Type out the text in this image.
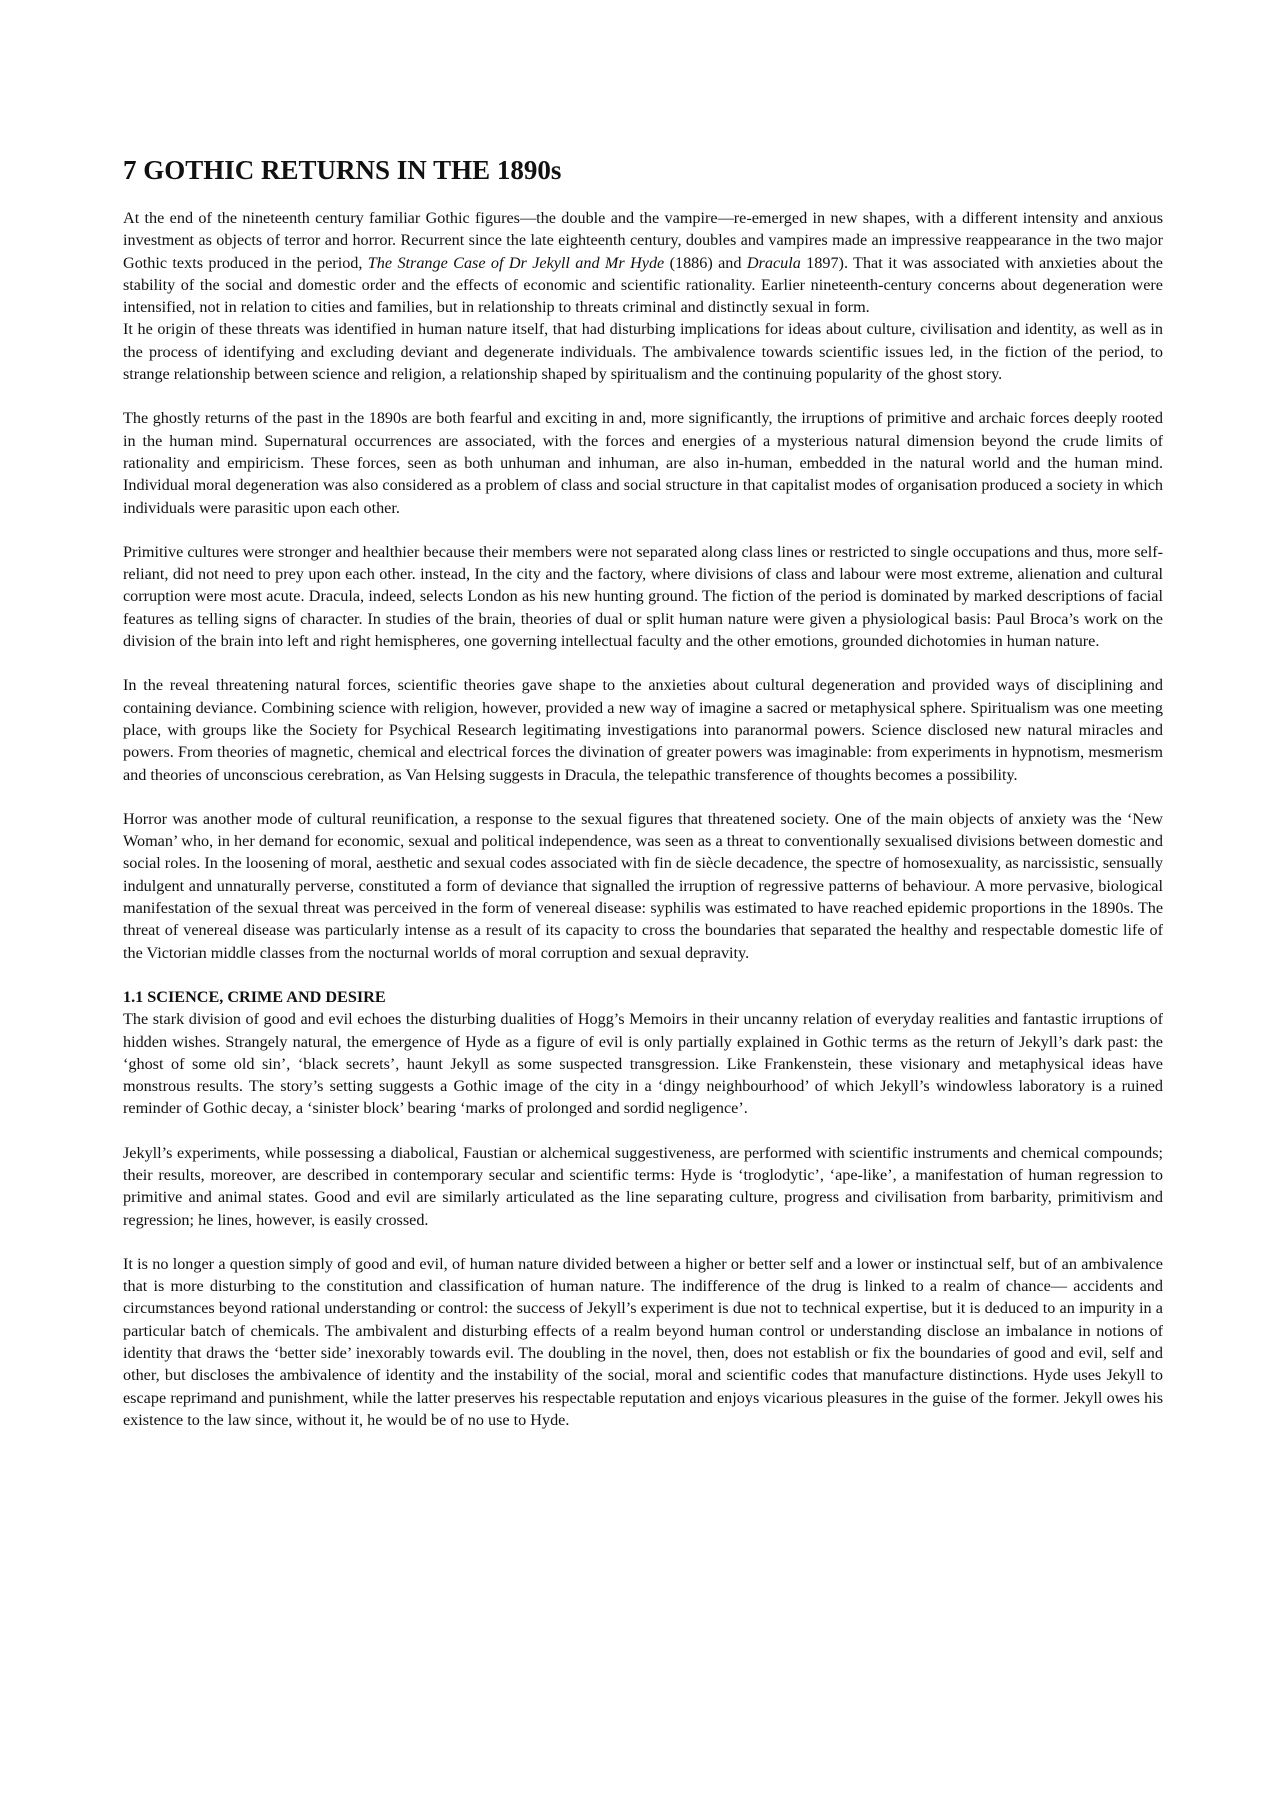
7 GOTHIC RETURNS IN THE 1890s

At the end of the nineteenth century familiar Gothic figures—the double and the vampire—re-emerged in new shapes, with a different intensity and anxious investment as objects of terror and horror. Recurrent since the late eighteenth century, doubles and vampires made an impressive reappearance in the two major Gothic texts produced in the period, The Strange Case of Dr Jekyll and Mr Hyde (1886) and Dracula 1897). That it was associated with anxieties about the stability of the social and domestic order and the effects of economic and scientific rationality. Earlier nineteenth-century concerns about degeneration were intensified, not in relation to cities and families, but in relationship to threats criminal and distinctly sexual in form.

It he origin of these threats was identified in human nature itself, that had disturbing implications for ideas about culture, civilisation and identity, as well as in the process of identifying and excluding deviant and degenerate individuals. The ambivalence towards scientific issues led, in the fiction of the period, to strange relationship between science and religion, a relationship shaped by spiritualism and the continuing popularity of the ghost story.

The ghostly returns of the past in the 1890s are both fearful and exciting in and, more significantly, the irruptions of primitive and archaic forces deeply rooted in the human mind. Supernatural occurrences are associated, with the forces and energies of a mysterious natural dimension beyond the crude limits of rationality and empiricism. These forces, seen as both unhuman and inhuman, are also in-human, embedded in the natural world and the human mind. Individual moral degeneration was also considered as a problem of class and social structure in that capitalist modes of organisation produced a society in which individuals were parasitic upon each other.

Primitive cultures were stronger and healthier because their members were not separated along class lines or restricted to single occupations and thus, more self-reliant, did not need to prey upon each other. instead, In the city and the factory, where divisions of class and labour were most extreme, alienation and cultural corruption were most acute. Dracula, indeed, selects London as his new hunting ground. The fiction of the period is dominated by marked descriptions of facial features as telling signs of character. In studies of the brain, theories of dual or split human nature were given a physiological basis: Paul Broca’s work on the division of the brain into left and right hemispheres, one governing intellectual faculty and the other emotions, grounded dichotomies in human nature.

In the reveal threatening natural forces, scientific theories gave shape to the anxieties about cultural degeneration and provided ways of disciplining and containing deviance. Combining science with religion, however, provided a new way of imagine a sacred or metaphysical sphere. Spiritualism was one meeting place, with groups like the Society for Psychical Research legitimating investigations into paranormal powers. Science disclosed new natural miracles and powers. From theories of magnetic, chemical and electrical forces the divination of greater powers was imaginable: from experiments in hypnotism, mesmerism and theories of unconscious cerebration, as Van Helsing suggests in Dracula, the telepathic transference of thoughts becomes a possibility.

Horror was another mode of cultural reunification, a response to the sexual figures that threatened society. One of the main objects of anxiety was the ‘New Woman’ who, in her demand for economic, sexual and political independence, was seen as a threat to conventionally sexualised divisions between domestic and social roles. In the loosening of moral, aesthetic and sexual codes associated with fin de siècle decadence, the spectre of homosexuality, as narcissistic, sensually indulgent and unnaturally perverse, constituted a form of deviance that signalled the irruption of regressive patterns of behaviour. A more pervasive, biological manifestation of the sexual threat was perceived in the form of venereal disease: syphilis was estimated to have reached epidemic proportions in the 1890s. The threat of venereal disease was particularly intense as a result of its capacity to cross the boundaries that separated the healthy and respectable domestic life of the Victorian middle classes from the nocturnal worlds of moral corruption and sexual depravity.

1.1 SCIENCE, CRIME AND DESIRE

The stark division of good and evil echoes the disturbing dualities of Hogg’s Memoirs in their uncanny relation of everyday realities and fantastic irruptions of hidden wishes. Strangely natural, the emergence of Hyde as a figure of evil is only partially explained in Gothic terms as the return of Jekyll’s dark past: the ‘ghost of some old sin’, ‘black secrets’, haunt Jekyll as some suspected transgression. Like Frankenstein, these visionary and metaphysical ideas have monstrous results. The story’s setting suggests a Gothic image of the city in a ‘dingy neighbourhood’ of which Jekyll’s windowless laboratory is a ruined reminder of Gothic decay, a ‘sinister block’ bearing ‘marks of prolonged and sordid negligence’.

Jekyll’s experiments, while possessing a diabolical, Faustian or alchemical suggestiveness, are performed with scientific instruments and chemical compounds; their results, moreover, are described in contemporary secular and scientific terms: Hyde is ‘troglodytic’, ‘ape-like’, a manifestation of human regression to primitive and animal states. Good and evil are similarly articulated as the line separating culture, progress and civilisation from barbarity, primitivism and regression; he lines, however, is easily crossed.

It is no longer a question simply of good and evil, of human nature divided between a higher or better self and a lower or instinctual self, but of an ambivalence that is more disturbing to the constitution and classification of human nature. The indifference of the drug is linked to a realm of chance— accidents and circumstances beyond rational understanding or control: the success of Jekyll’s experiment is due not to technical expertise, but it is deduced to an impurity in a particular batch of chemicals. The ambivalent and disturbing effects of a realm beyond human control or understanding disclose an imbalance in notions of identity that draws the ‘better side’ inexorably towards evil. The doubling in the novel, then, does not establish or fix the boundaries of good and evil, self and other, but discloses the ambivalence of identity and the instability of the social, moral and scientific codes that manufacture distinctions. Hyde uses Jekyll to escape reprimand and punishment, while the latter preserves his respectable reputation and enjoys vicarious pleasures in the guise of the former. Jekyll owes his existence to the law since, without it, he would be of no use to Hyde.
